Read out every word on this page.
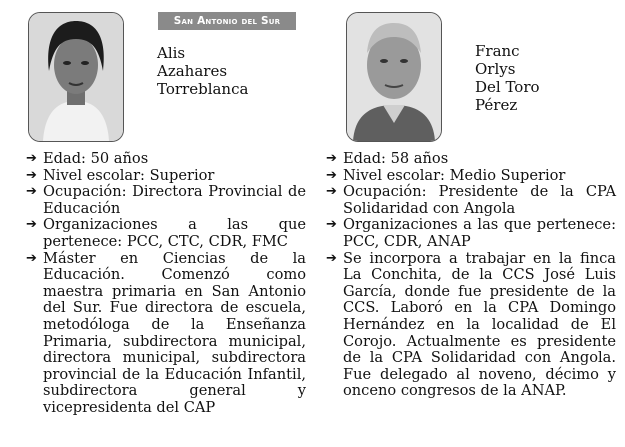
San Antonio del Sur
Alis
Azahares
Torreblanca
➔ Edad: 50 años
➔ Nivel escolar: Superior
➔ Ocupación: Directora Provincial de Educación
➔ Organizaciones a las que pertenece: PCC, CTC, CDR, FMC
➔ Máster en Ciencias de la Educación. Comenzó como maestra primaria en San Antonio del Sur. Fue directora de escuela, metodóloga de la Enseñanza Primaria, subdirectora municipal, directora municipal, subdirectora provincial de la Educación Infantil, subdirectora general y vicepresidenta del CAP
Franc
Orlys
Del Toro
Pérez
➔ Edad: 58 años
➔ Nivel escolar: Medio Superior
➔ Ocupación: Presidente de la CPA Solidaridad con Angola
➔ Organizaciones a las que pertenece: PCC, CDR, ANAP
➔ Se incorpora a trabajar en la finca La Conchita, de la CCS José Luis García, donde fue presidente de la CCS. Laboró en la CPA Domingo Hernández en la localidad de El Corojo. Actualmente es presidente de la CPA Solidaridad con Angola. Fue delegado al noveno, décimo y onceno congresos de la ANAP.
